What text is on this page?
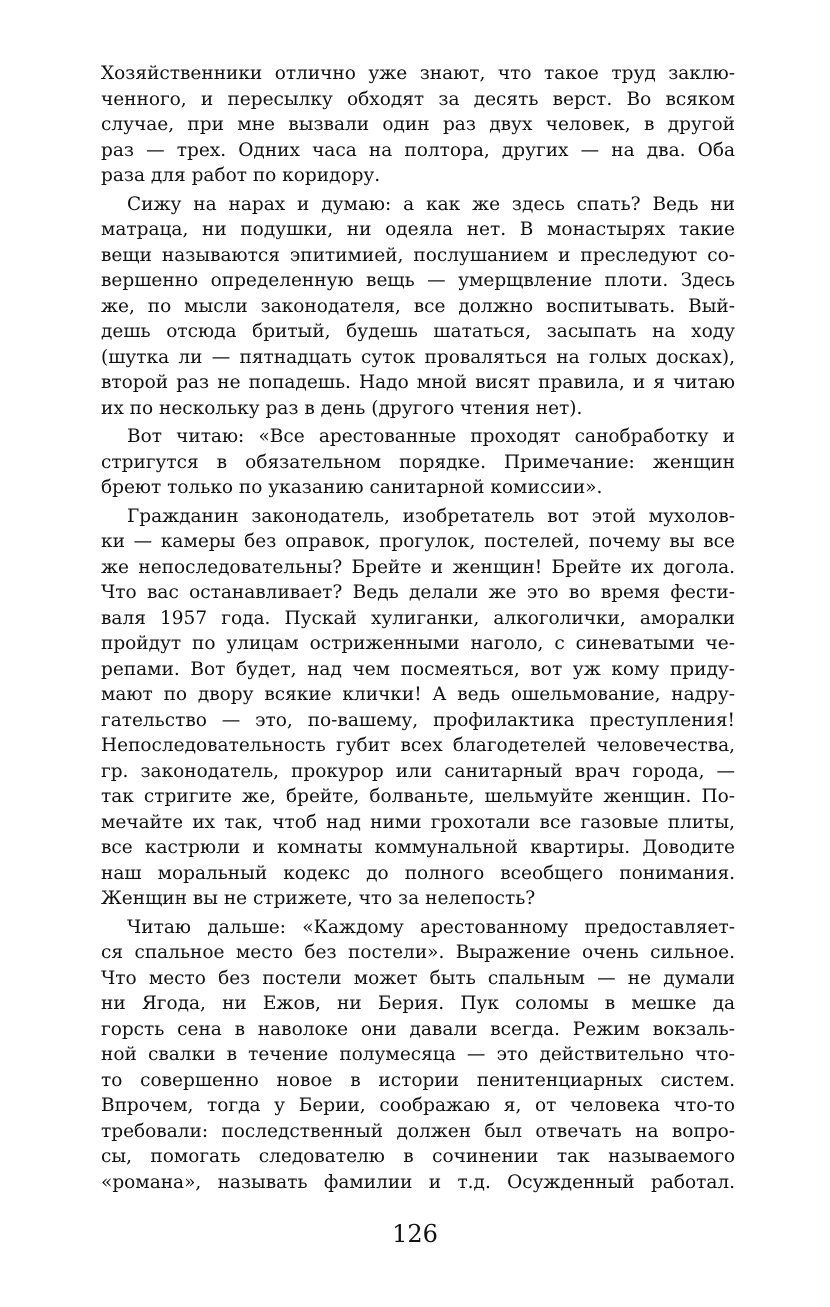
Хозяйственники отлично уже знают, что такое труд заклю-
ченного, и пересылку обходят за десять верст. Во всяком
случае, при мне вызвали один раз двух человек, в другой
раз — трех. Одних часа на полтора, других — на два. Оба
раза для работ по коридору.
Сижу на нарах и думаю: а как же здесь спать? Ведь ни
матраца, ни подушки, ни одеяла нет. В монастырях такие
вещи называются эпитимией, послушанием и преследуют со-
вершенно определенную вещь — умерщвление плоти. Здесь
же, по мысли законодателя, все должно воспитывать. Вый-
дешь отсюда бритый, будешь шататься, засыпать на ходу
(шутка ли — пятнадцать суток проваляться на голых досках),
второй раз не попадешь. Надо мной висят правила, и я читаю
их по нескольку раз в день (другого чтения нет).
Вот читаю: «Все арестованные проходят санобработку и
стригутся в обязательном порядке. Примечание: женщин
бреют только по указанию санитарной комиссии».
Гражданин законодатель, изобретатель вот этой мухолов-
ки — камеры без оправок, прогулок, постелей, почему вы все
же непоследовательны? Брейте и женщин! Брейте их догола.
Что вас останавливает? Ведь делали же это во время фести-
валя 1957 года. Пускай хулиганки, алкоголички, аморалки
пройдут по улицам остриженными наголо, с синеватыми че-
репами. Вот будет, над чем посмеяться, вот уж кому приду-
мают по двору всякие клички! А ведь ошельмование, надру-
гательство — это, по-вашему, профилактика преступления!
Непоследовательность губит всех благодетелей человечества,
гр. законодатель, прокурор или санитарный врач города, —
так стригите же, брейте, болваньте, шельмуйте женщин. По-
мечайте их так, чтоб над ними грохотали все газовые плиты,
все кастрюли и комнаты коммунальной квартиры. Доводите
наш моральный кодекс до полного всеобщего понимания.
Женщин вы не стрижете, что за нелепость?
Читаю дальше: «Каждому арестованному предоставляет-
ся спальное место без постели». Выражение очень сильное.
Что место без постели может быть спальным — не думали
ни Ягода, ни Ежов, ни Берия. Пук соломы в мешке да
горсть сена в наволоке они давали всегда. Режим вокзаль-
ной свалки в течение полумесяца — это действительно что-
то совершенно новое в истории пенитенциарных систем.
Впрочем, тогда у Берии, соображаю я, от человека что-то
требовали: последственный должен был отвечать на вопро-
сы, помогать следователю в сочинении так называемого
«романа», называть фамилии и т.д. Осужденный работал.
126
